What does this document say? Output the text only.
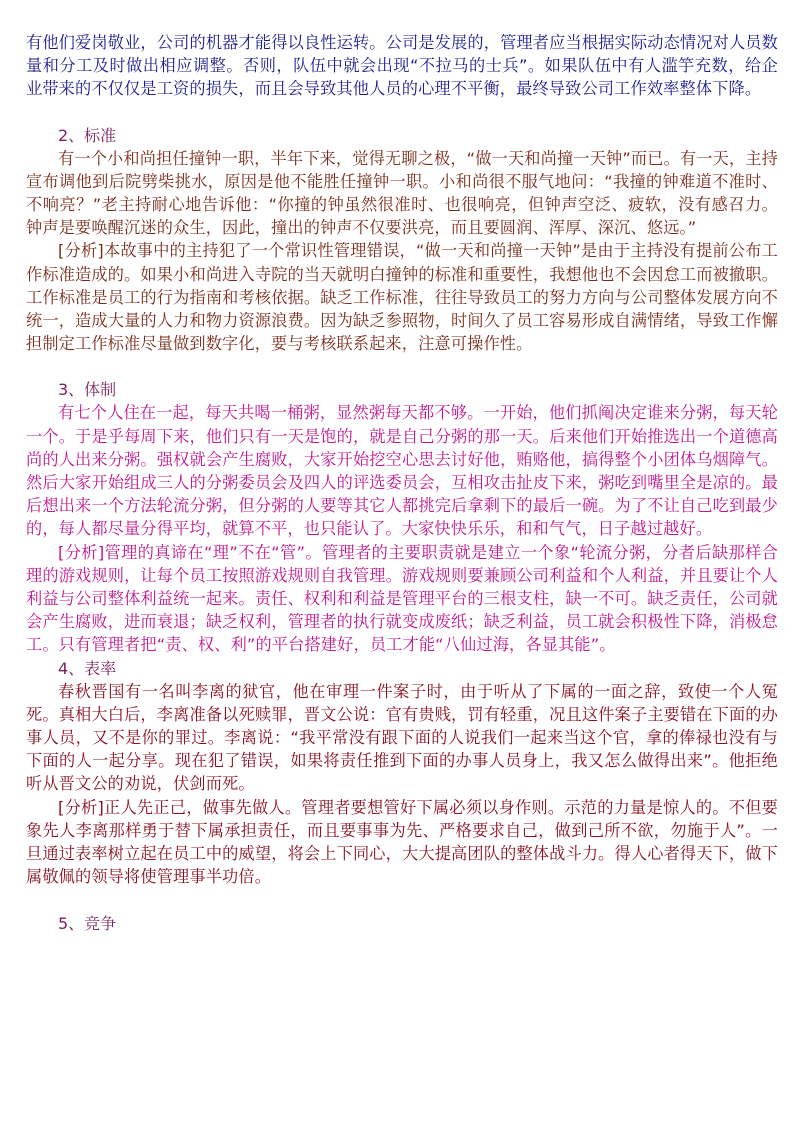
有他们爱岗敬业，公司的机器才能得以良性运转。公司是发展的，管理者应当根据实际动态情况对人员数量和分工及时做出相应调整。否则，队伍中就会出现“不拉马的士兵”。如果队伍中有人滥竽充数，给企业带来的不仅仅是工资的损失，而且会导致其他人员的心理不平衡，最终导致公司工作效率整体下降。

2、标准

有一个小和尚担任撞钟一职，半年下来，觉得无聊之极，“做一天和尚撞一天钟”而已。有一天，主持宣布调他到后院劈柴挑水，原因是他不能胜任撞钟一职。小和尚很不服气地问：“我撞的钟难道不准时、不响亮？”老主持耐心地告诉他：“你撞的钟虽然很准时、也很响亮，但钟声空泛、疲软，没有感召力。钟声是要唤醒沉迷的众生，因此，撞出的钟声不仅要洪亮，而且要圆润、浑厚、深沉、悠远。”

[分析]本故事中的主持犯了一个常识性管理错误，“做一天和尚撞一天钟”是由于主持没有提前公布工作标准造成的。如果小和尚进入寺院的当天就明白撞钟的标准和重要性，我想他也不会因怠工而被撤职。工作标准是员工的行为指南和考核依据。缺乏工作标准，往往导致员工的努力方向与公司整体发展方向不统一，造成大量的人力和物力资源浪费。因为缺乏参照物，时间久了员工容易形成自满情绪，导致工作懈担制定工作标准尽量做到数字化，要与考核联系起来，注意可操作性。

3、体制

有七个人住在一起，每天共喝一桶粥，显然粥每天都不够。一开始，他们抓阄决定谁来分粥，每天轮一个。于是乎每周下来，他们只有一天是饱的，就是自己分粥的那一天。后来他们开始推选出一个道德高尚的人出来分粥。强权就会产生腐败，大家开始挖空心思去讨好他，贿赂他，搞得整个小团体乌烟障气。然后大家开始组成三人的分粥委员会及四人的评选委员会，互相攻击扯皮下来，粥吃到嘴里全是凉的。最后想出来一个方法轮流分粥，但分粥的人要等其它人都挑完后拿剩下的最后一碗。为了不让自己吃到最少的，每人都尽量分得平均，就算不平，也只能认了。大家快快乐乐，和和气气，日子越过越好。

[分析]管理的真谛在“理”不在“管”。管理者的主要职责就是建立一个象“轮流分粥，分者后缺那样合理的游戏规则，让每个员工按照游戏规则自我管理。游戏规则要兼顾公司利益和个人利益，并且要让个人利益与公司整体利益统一起来。责任、权利和利益是管理平台的三根支柱，缺一不可。缺乏责任，公司就会产生腐败，进而衰退；缺乏权利，管理者的执行就变成废纸；缺乏利益，员工就会积极性下降，消极怠工。只有管理者把“责、权、利”的平台搭建好，员工才能“八仙过海，各显其能”。

4、表率

春秋晋国有一名叫李离的狱官，他在审理一件案子时，由于听从了下属的一面之辞，致使一个人冤死。真相大白后，李离准备以死赎罪，晋文公说：官有贵贱，罚有轻重，况且这件案子主要错在下面的办事人员，又不是你的罪过。李离说：“我平常没有跟下面的人说我们一起来当这个官，拿的俸禄也没有与下面的人一起分享。现在犯了错误，如果将责任推到下面的办事人员身上，我又怎么做得出来”。他拒绝听从晋文公的劝说，伏剑而死。

[分析]正人先正己，做事先做人。管理者要想管好下属必须以身作则。示范的力量是惊人的。不但要象先人李离那样勇于替下属承担责任，而且要事事为先、严格要求自己，做到己所不欲，勿施于人”。一旦通过表率树立起在员工中的威望，将会上下同心，大大提高团队的整体战斗力。得人心者得天下，做下属敬佩的领导将使管理事半功倍。

5、竞争
